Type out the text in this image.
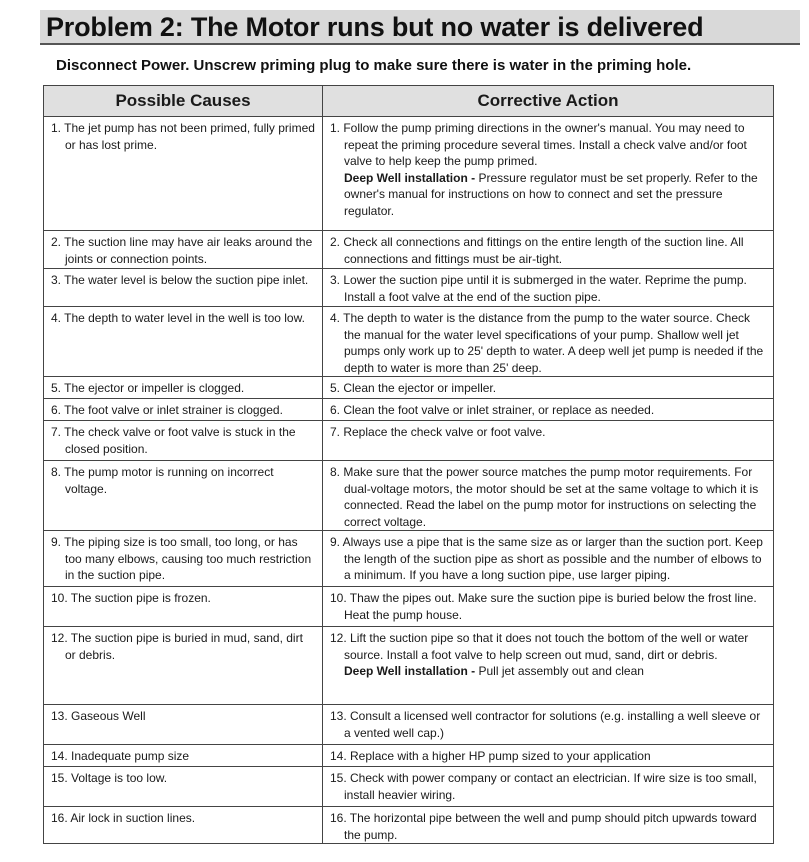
Problem 2: The Motor runs but no water is delivered
Disconnect Power. Unscrew priming plug to make sure there is water in the priming hole.
Possible Causes	Corrective Action

1. The jet pump has not been primed, fully primed or has lost prime.	1. Follow the pump priming directions in the owner's manual. You may need to repeat the priming procedure several times. Install a check valve and/or foot valve to help keep the pump primed.
Deep Well installation - Pressure regulator must be set properly. Refer to the owner's manual for instructions on how to connect and set the pressure regulator.

2. The suction line may have air leaks around the joints or connection points.	2. Check all connections and fittings on the entire length of the suction line. All connections and fittings must be air-tight.

3. The water level is below the suction pipe inlet.	3. Lower the suction pipe until it is submerged in the water. Reprime the pump. Install a foot valve at the end of the suction pipe.

4. The depth to water level in the well is too low.	4. The depth to water is the distance from the pump to the water source. Check the manual for the water level specifications of your pump. Shallow well jet pumps only work up to 25' depth to water. A deep well jet pump is needed if the depth to water is more than 25' deep.

5. The ejector or impeller is clogged.	5. Clean the ejector or impeller.

6. The foot valve or inlet strainer is clogged.	6. Clean the foot valve or inlet strainer, or replace as needed.

7. The check valve or foot valve is stuck in the closed position.	7. Replace the check valve or foot valve.

8. The pump motor is running on incorrect voltage.	8. Make sure that the power source matches the pump motor requirements. For dual-voltage motors, the motor should be set at the same voltage to which it is connected. Read the label on the pump motor for instructions on selecting the correct voltage.

9. The piping size is too small, too long, or has too many elbows, causing too much restriction in the suction pipe.	9. Always use a pipe that is the same size as or larger than the suction port. Keep the length of the suction pipe as short as possible and the number of elbows to a minimum. If you have a long suction pipe, use larger piping.

10. The suction pipe is frozen.	10. Thaw the pipes out. Make sure the suction pipe is buried below the frost line. Heat the pump house.

12. The suction pipe is buried in mud, sand, dirt or debris.	12. Lift the suction pipe so that it does not touch the bottom of the well or water source. Install a foot valve to help screen out mud, sand, dirt or debris.
Deep Well installation - Pull jet assembly out and clean

13. Gaseous Well	13. Consult a licensed well contractor for solutions (e.g. installing a well sleeve or a vented well cap.)

14. Inadequate pump size	14. Replace with a higher HP pump sized to your application

15. Voltage is too low.	15. Check with power company or contact an electrician. If wire size is too small, install heavier wiring.

16. Air lock in suction lines.	16. The horizontal pipe between the well and pump should pitch upwards toward the pump.
